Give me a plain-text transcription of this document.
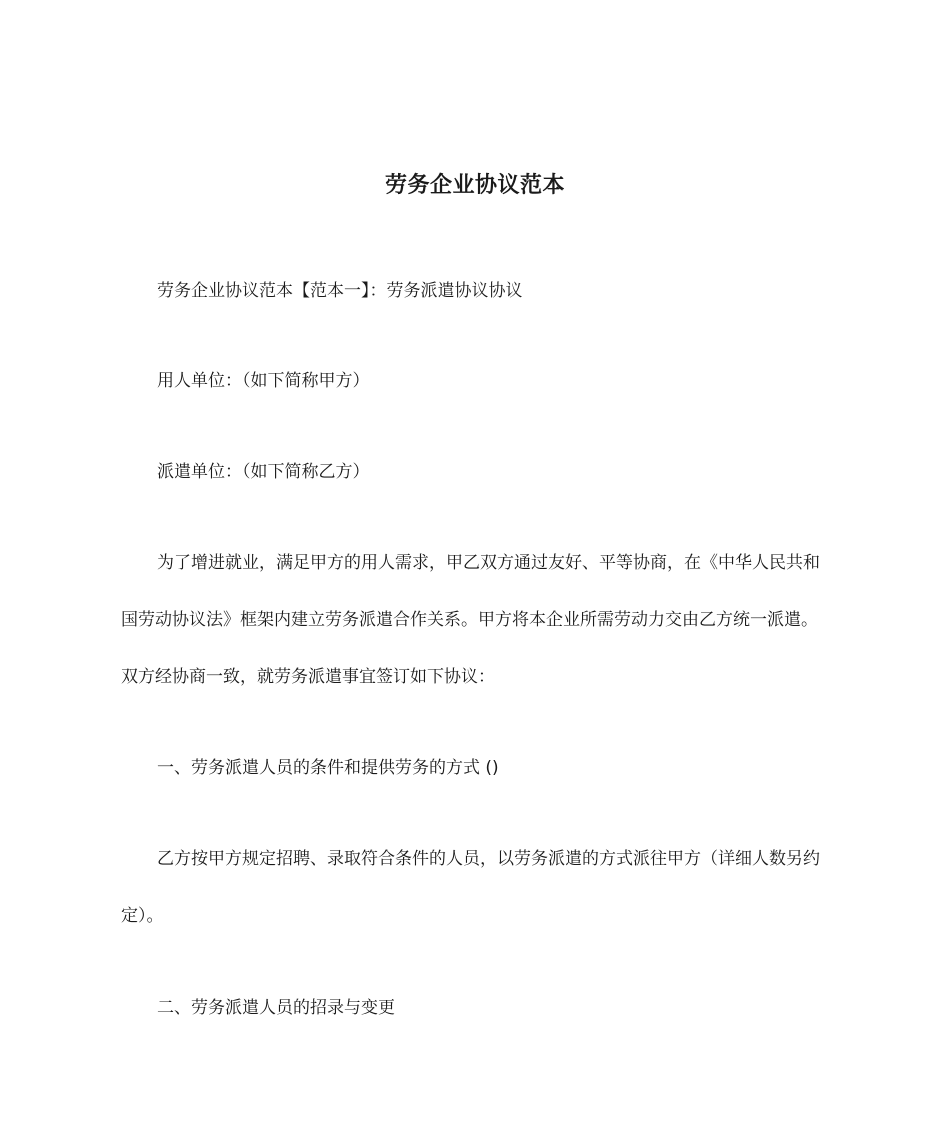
劳务企业协议范本

劳务企业协议范本【范本一】：劳务派遣协议协议

用人单位：（如下简称甲方）

派遣单位：（如下简称乙方）

为了增进就业，满足甲方的用人需求，甲乙双方通过友好、平等协商，在《中华人民共和国劳动协议法》框架内建立劳务派遣合作关系。甲方将本企业所需劳动力交由乙方统一派遣。双方经协商一致，就劳务派遣事宜签订如下协议：

一、劳务派遣人员的条件和提供劳务的方式 ()

乙方按甲方规定招聘、录取符合条件的人员，以劳务派遣的方式派往甲方（详细人数另约定）。

二、劳务派遣人员的招录与变更
